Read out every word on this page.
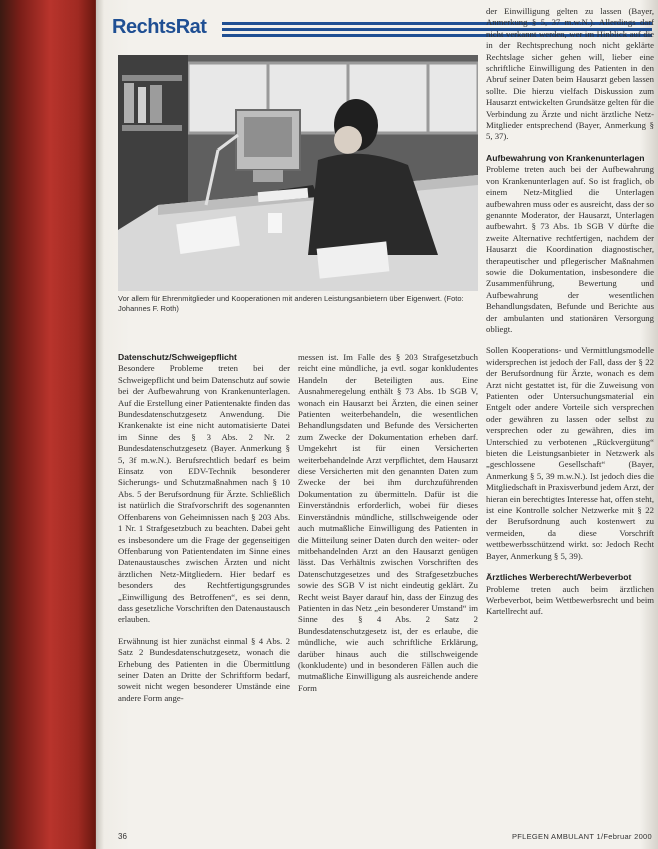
RechtsRat
Vor allem für Ehrenmitglieder und Kooperationen mit anderen Leistungsanbietern über Eigenwert. (Foto: Johannes F. Roth)
Datenschutz/Schweigepflicht

Besondere Probleme treten bei der Schweigepflicht und beim Datenschutz auf sowie bei der Aufbewahrung von Krankenunterlagen. Auf die Erstellung einer Patientenakte finden das Bundesdatenschutzgesetz Anwendung. Die Krankenakte ist eine nicht automatisierte Datei im Sinne des § 3 Abs. 2 Nr. 2 Bundesdatenschutzgesetz (Bayer. Anmerkung § 5, 3f m.w.N.). Berufsrechtlich bedarf es beim Einsatz von EDV-Technik besonderer Sicherungs- und Schutzmaßnahmen nach § 10 Abs. 5 der Berufsordnung für Ärzte. Schließlich ist natürlich die Strafvorschrift des sogenannten Offenbarens von Geheimnissen nach § 203 Abs. 1 Nr. 1 Strafgesetzbuch zu beachten. Dabei geht es insbesondere um die Frage der gegenseitigen Offenbarung von Patientendaten im Sinne eines Datenaustausches zwischen Ärzten und nicht ärztlichen Netz-Mitgliedern. Hier bedarf es besonders des Rechtfertigungsgrundes „Einwilligung des Betroffenen“, es sei denn, dass gesetzliche Vorschriften den Datenaustausch erlauben.

Erwähnung ist hier zunächst einmal § 4 Abs. 2 Satz 2 Bundesdatenschutzgesetz, wonach die Erhebung des Patienten in die Übermittlung seiner Daten an Dritte der Schriftform bedarf, soweit nicht wegen besonderer Umstände eine andere Form ange-

messen ist. Im Falle des § 203 Strafgesetzbuch reicht eine mündliche, ja evtl. sogar konkludentes Handeln der Beteiligten aus. Eine Ausnahmeregelung enthält § 73 Abs. 1b SGB V, wonach ein Hausarzt bei Ärzten, die einen seiner Patienten weiterbehandeln, die wesentlichen Behandlungsdaten und Befunde des Versicherten zum Zwecke der Dokumentation erheben darf. Umgekehrt ist für einen Versicherten weiterbehandelnde Arzt verpflichtet, dem Hausarzt diese Versicherten mit den genannten Daten zum Zwecke der bei ihm durchzuführenden Dokumentation zu übermitteln. Dafür ist die Einverständnis erforderlich, wobei für dieses Einverständnis mündliche, stillschweigende oder auch mutmaßliche Einwilligung des Patienten in die Mitteilung seiner Daten durch den weiter- oder mitbehandelnden Arzt an den Hausarzt genügen lässt. Das Verhältnis zwischen Vorschriften des Datenschutzgesetzes und des Strafgesetzbuches sowie des SGB V ist nicht eindeutig geklärt. Zu Recht weist Bayer darauf hin, dass der Einzug des Patienten in das Netz „ein besonderer Umstand“ im Sinne des § 4 Abs. 2 Satz 2 Bundesdatenschutzgesetz ist, der es erlaube, die mündliche, wie auch schriftliche Erklärung, darüber hinaus auch die stillschweigende (konkludente) und in besonderen Fällen auch die mutmaßliche Einwilligung als ausreichende andere Form

der Einwilligung gelten zu lassen (Bayer, Anmerkung § 5, 37 m.w.N.). Allerdings darf nicht verkannt werden, wer im Hinblick auf die in der Rechtsprechung noch nicht geklärte Rechtslage sicher gehen will, lieber eine schriftliche Einwilligung des Patienten in den Abruf seiner Daten beim Hausarzt geben lassen sollte. Die hierzu vielfach Diskussion zum Hausarzt entwickelten Grundsätze gelten für die Verbindung zu Ärzte und nicht ärztliche Netz-Mitglieder entsprechend (Bayer, Anmerkung § 5, 37).

Aufbewahrung von Krankenunterlagen

Probleme treten auch bei der Aufbewahrung von Krankenunterlagen auf. So ist fraglich, ob einem Netz-Mitglied die Unterlagen aufbewahren muss oder es ausreicht, dass der so genannte Moderator, der Hausarzt, Unterlagen aufbewahrt. § 73 Abs. 1b SGB V dürfte die zweite Alternative rechtfertigen, nachdem der Hausarzt die Koordination diagnostischer, therapeutischer und pflegerischer Maßnahmen sowie die Dokumentation, insbesondere die Zusammenführung, Bewertung und Aufbewahrung der wesentlichen Behandlungsdaten, Befunde und Berichte aus der ambulanten und stationären Versorgung obliegt.

Sollen Kooperations- und Vermittlungsmodelle widersprechen ist jedoch der Fall, dass der § 22 der Berufsordnung für Ärzte, wonach es dem Arzt nicht gestattet ist, für die Zuweisung von Patienten oder Untersuchungsmaterial ein Entgelt oder andere Vorteile sich versprechen oder gewähren zu lassen oder selbst zu versprechen oder zu gewähren, dies im Unterschied zu verbotenen „Rückvergütung“ bieten die Leistungsanbieter in Netzwerk als „geschlossene Gesellschaft“ (Bayer, Anmerkung § 5, 39 m.w.N.). Ist jedoch dies die Mitgliedschaft in Praxisverbund jedem Arzt, der hieran ein berechtigtes Interesse hat, offen steht, ist eine Kontrolle solcher Netzwerke mit § 22 der Berufsordnung auch kostenwert zu vermeiden, da diese Vorschrift wettbewerbsschützend wirkt. so: Jedoch Recht Bayer, Anmerkung § 5, 39).

Ärztliches Werberecht/Werbeverbot

Probleme treten auch beim ärztlichen Werbeverbot, beim Wettbewerbsrecht und beim Kartellrecht auf.

36	PFLEGEN AMBULANT 1/Februar 2000
